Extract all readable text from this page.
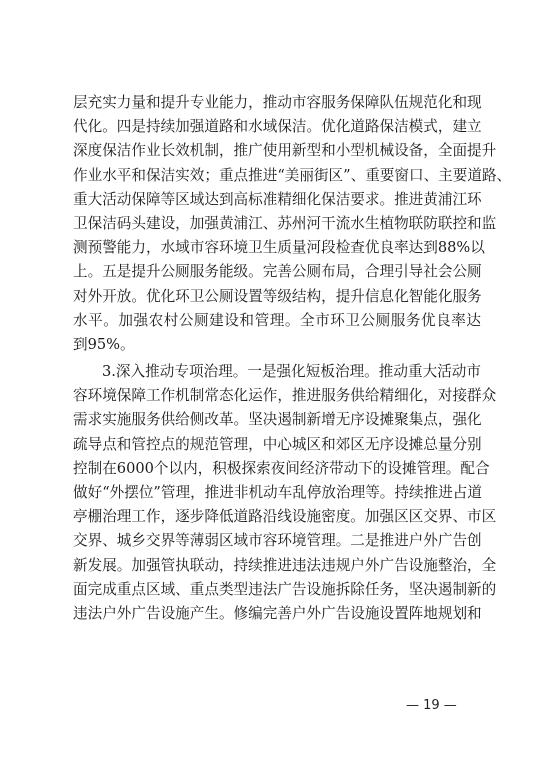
层充实力量和提升专业能力，推动市容服务保障队伍规范化和现
代化。四是持续加强道路和水域保洁。优化道路保洁模式，建立
深度保洁作业长效机制，推广使用新型和小型机械设备，全面提升
作业水平和保洁实效；重点推进“美丽街区”、重要窗口、主要道路、
重大活动保障等区域达到高标准精细化保洁要求。推进黄浦江环
卫保洁码头建设，加强黄浦江、苏州河干流水生植物联防联控和监
测预警能力，水域市容环境卫生质量河段检查优良率达到88%以
上。五是提升公厕服务能级。完善公厕布局，合理引导社会公厕
对外开放。优化环卫公厕设置等级结构，提升信息化智能化服务
水平。加强农村公厕建设和管理。全市环卫公厕服务优良率达
到95%。
3.深入推动专项治理。一是强化短板治理。推动重大活动市
容环境保障工作机制常态化运作，推进服务供给精细化，对接群众
需求实施服务供给侧改革。坚决遏制新增无序设摊聚集点，强化
疏导点和管控点的规范管理，中心城区和郊区无序设摊总量分别
控制在6000个以内，积极探索夜间经济带动下的设摊管理。配合
做好“外摆位”管理，推进非机动车乱停放治理等。持续推进占道
亭棚治理工作，逐步降低道路沿线设施密度。加强区区交界、市区
交界、城乡交界等薄弱区域市容环境管理。二是推进户外广告创
新发展。加强管执联动，持续推进违法违规户外广告设施整治，全
面完成重点区域、重点类型违法广告设施拆除任务，坚决遏制新的
违法户外广告设施产生。修编完善户外广告设施设置阵地规划和
— 19 —
